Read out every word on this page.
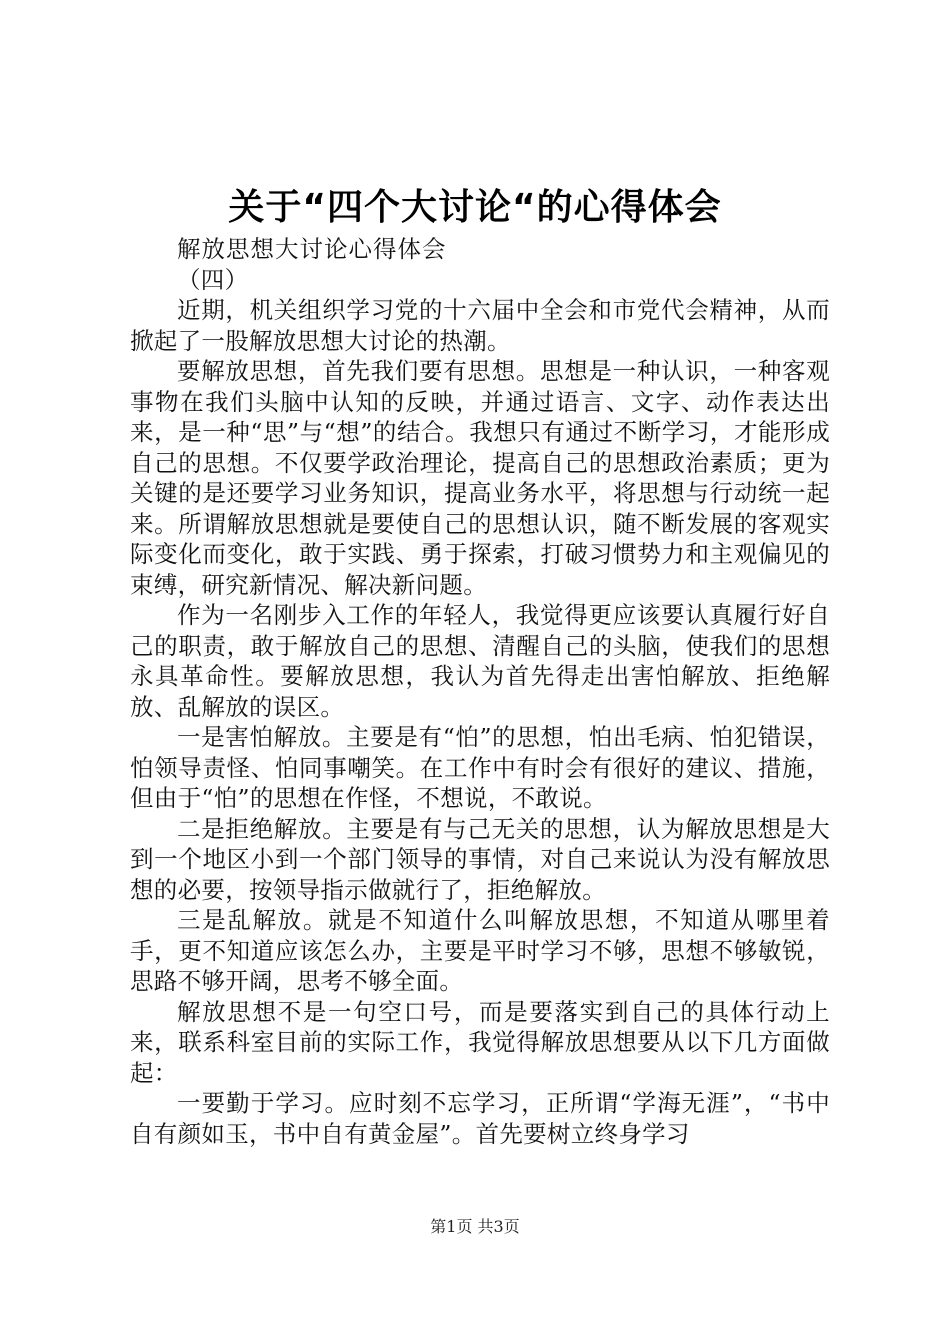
关于“四个大讨论“的心得体会

解放思想大讨论心得体会

（四）

近期，机关组织学习党的十六届中全会和市党代会精神，从而掀起了一股解放思想大讨论的热潮。

要解放思想，首先我们要有思想。思想是一种认识，一种客观事物在我们头脑中认知的反映，并通过语言、文字、动作表达出来，是一种“思”与“想”的结合。我想只有通过不断学习，才能形成自己的思想。不仅要学政治理论，提高自己的思想政治素质；更为关键的是还要学习业务知识，提高业务水平，将思想与行动统一起来。所谓解放思想就是要使自己的思想认识，随不断发展的客观实际变化而变化，敢于实践、勇于探索，打破习惯势力和主观偏见的束缚，研究新情况、解决新问题。

作为一名刚步入工作的年轻人，我觉得更应该要认真履行好自己的职责，敢于解放自己的思想、清醒自己的头脑，使我们的思想永具革命性。要解放思想，我认为首先得走出害怕解放、拒绝解放、乱解放的误区。

一是害怕解放。主要是有“怕”的思想，怕出毛病、怕犯错误，怕领导责怪、怕同事嘲笑。在工作中有时会有很好的建议、措施，但由于“怕”的思想在作怪，不想说，不敢说。

二是拒绝解放。主要是有与己无关的思想，认为解放思想是大到一个地区小到一个部门领导的事情，对自己来说认为没有解放思想的必要，按领导指示做就行了，拒绝解放。

三是乱解放。就是不知道什么叫解放思想，不知道从哪里着手，更不知道应该怎么办，主要是平时学习不够，思想不够敏锐，思路不够开阔，思考不够全面。

解放思想不是一句空口号，而是要落实到自己的具体行动上来，联系科室目前的实际工作，我觉得解放思想要从以下几方面做起：

一要勤于学习。应时刻不忘学习，正所谓“学海无涯”，“书中自有颜如玉，书中自有黄金屋”。首先要树立终身学习

第1页 共3页
